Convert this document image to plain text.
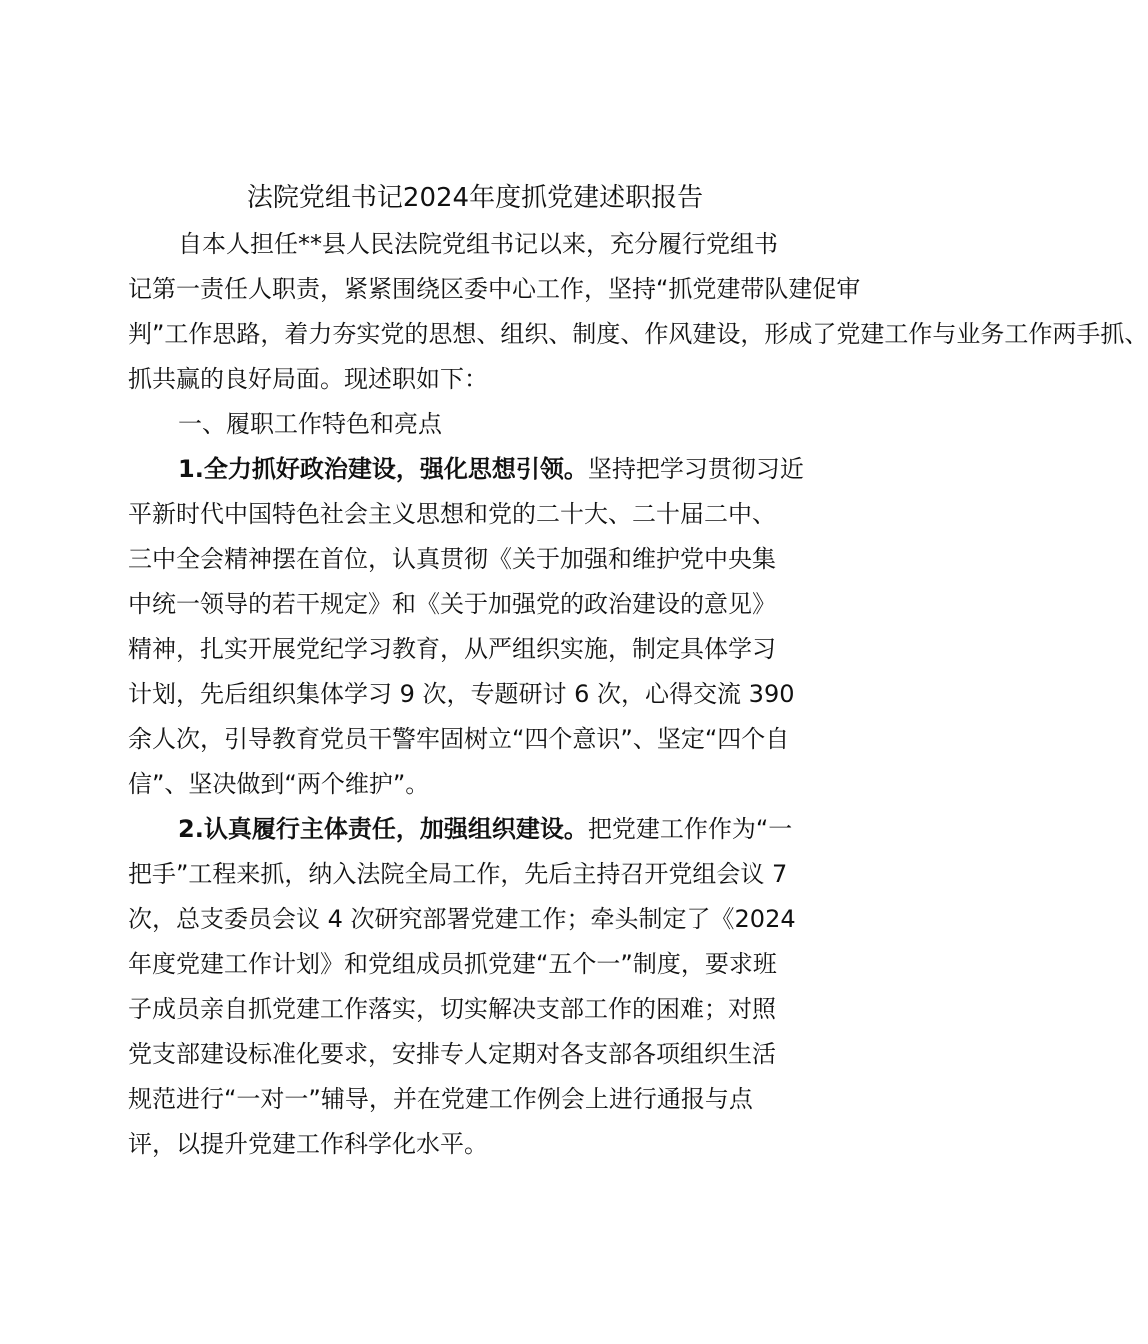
法院党组书记2024年度抓党建述职报告
自本人担任**县人民法院党组书记以来，充分履行党组书
记第一责任人职责，紧紧围绕区委中心工作，坚持“抓党建带队建促审
判”工作思路，着力夯实党的思想、组织、制度、作风建设，形成了党建工作与业务工作两手抓、
抓共赢的良好局面。现述职如下：
一、履职工作特色和亮点
1.全力抓好政治建设，强化思想引领。坚持把学习贯彻习近
平新时代中国特色社会主义思想和党的二十大、二十届二中、
三中全会精神摆在首位，认真贯彻《关于加强和维护党中央集
中统一领导的若干规定》和《关于加强党的政治建设的意见》
精神，扎实开展党纪学习教育，从严组织实施，制定具体学习
计划，先后组织集体学习 9 次，专题研讨 6 次，心得交流 390
余人次，引导教育党员干警牢固树立“四个意识”、坚定“四个自
信”、坚决做到“两个维护”。
2.认真履行主体责任，加强组织建设。把党建工作作为“一
把手”工程来抓，纳入法院全局工作，先后主持召开党组会议 7
次，总支委员会议 4 次研究部署党建工作；牵头制定了《2024
年度党建工作计划》和党组成员抓党建“五个一”制度，要求班
子成员亲自抓党建工作落实，切实解决支部工作的困难；对照
党支部建设标准化要求，安排专人定期对各支部各项组织生活
规范进行“一对一”辅导，并在党建工作例会上进行通报与点
评，以提升党建工作科学化水平。
